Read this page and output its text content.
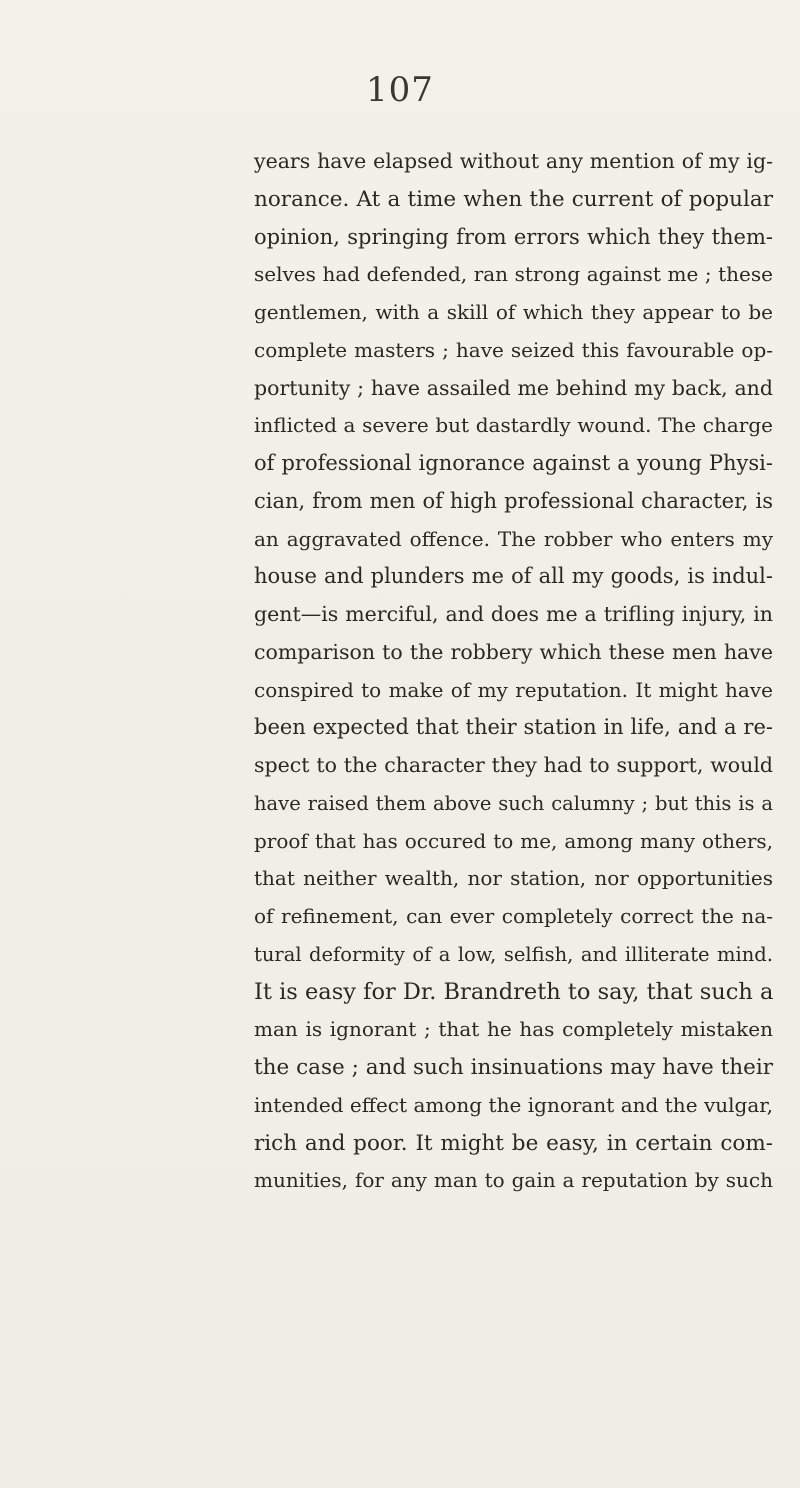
107
years have elapsed without any mention of my ig-
norance. At a time when the current of popular
opinion, springing from errors which they them-
selves had defended, ran strong against me ; these
gentlemen, with a skill of which they appear to be
complete masters ; have seized this favourable op-
portunity ; have assailed me behind my back, and
inflicted a severe but dastardly wound. The charge
of professional ignorance against a young Physi-
cian, from men of high professional character, is
an aggravated offence. The robber who enters my
house and plunders me of all my goods, is indul-
gent—is merciful, and does me a trifling injury, in
comparison to the robbery which these men have
conspired to make of my reputation. It might have
been expected that their station in life, and a re-
spect to the character they had to support, would
have raised them above such calumny ; but this is a
proof that has occured to me, among many others,
that neither wealth, nor station, nor opportunities
of refinement, can ever completely correct the na-
tural deformity of a low, selfish, and illiterate mind.
It is easy for Dr. Brandreth to say, that such a
man is ignorant ; that he has completely mistaken
the case ; and such insinuations may have their
intended effect among the ignorant and the vulgar,
rich and poor. It might be easy, in certain com-
munities, for any man to gain a reputation by such
